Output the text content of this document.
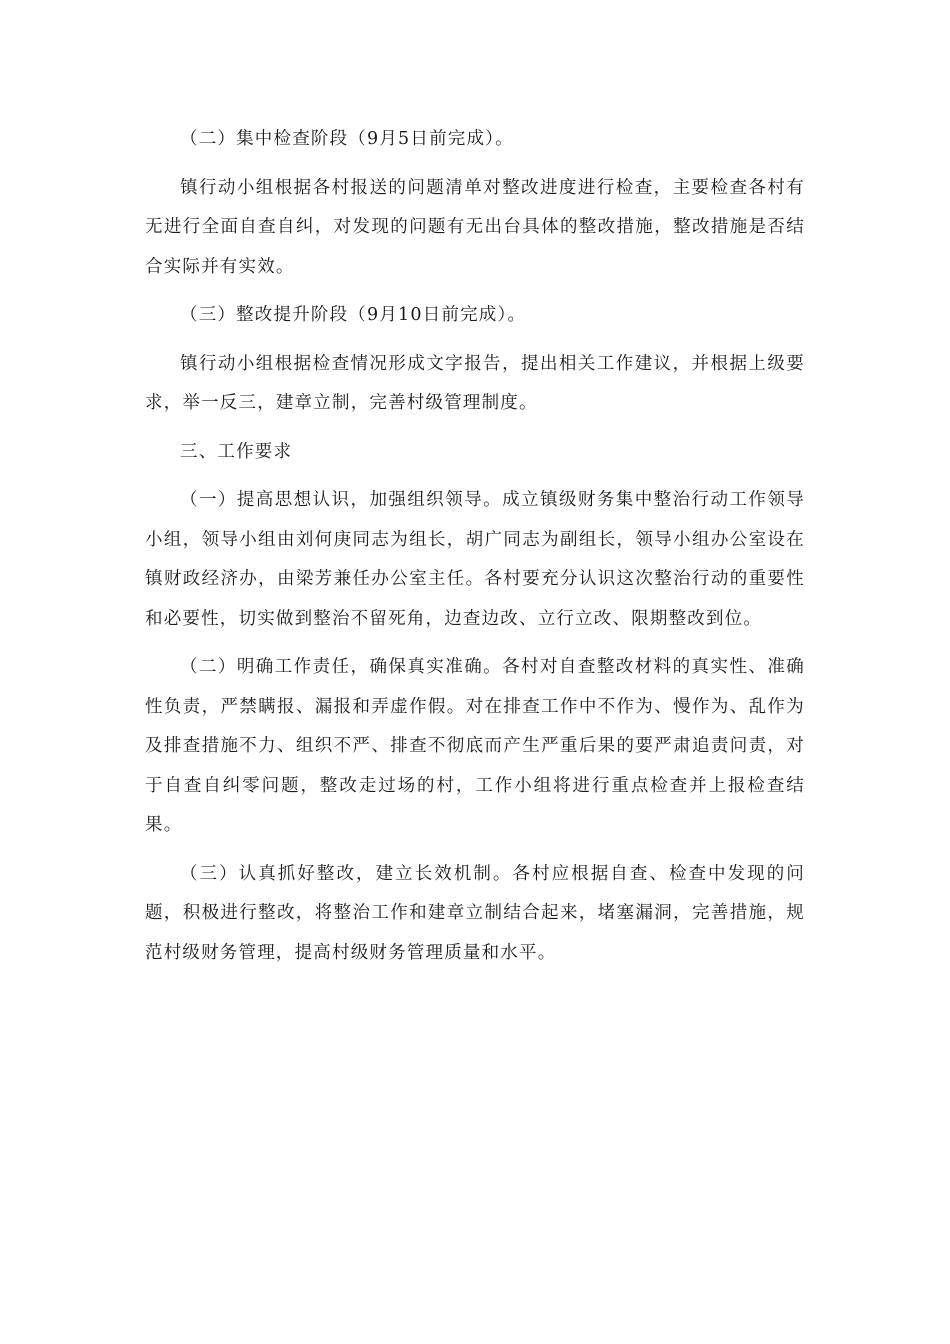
（二）集中检查阶段（9月5日前完成）。

镇行动小组根据各村报送的问题清单对整改进度进行检查，主要检查各村有无进行全面自查自纠，对发现的问题有无出台具体的整改措施，整改措施是否结合实际并有实效。

（三）整改提升阶段（9月10日前完成）。

镇行动小组根据检查情况形成文字报告，提出相关工作建议，并根据上级要求，举一反三，建章立制，完善村级管理制度。

三、工作要求

（一）提高思想认识，加强组织领导。成立镇级财务集中整治行动工作领导小组，领导小组由刘何庚同志为组长，胡广同志为副组长，领导小组办公室设在镇财政经济办，由梁芳兼任办公室主任。各村要充分认识这次整治行动的重要性和必要性，切实做到整治不留死角，边查边改、立行立改、限期整改到位。

（二）明确工作责任，确保真实准确。各村对自查整改材料的真实性、准确性负责，严禁瞒报、漏报和弄虚作假。对在排查工作中不作为、慢作为、乱作为及排查措施不力、组织不严、排查不彻底而产生严重后果的要严肃追责问责，对于自查自纠零问题，整改走过场的村，工作小组将进行重点检查并上报检查结果。

（三）认真抓好整改，建立长效机制。各村应根据自查、检查中发现的问题，积极进行整改，将整治工作和建章立制结合起来，堵塞漏洞，完善措施，规范村级财务管理，提高村级财务管理质量和水平。
